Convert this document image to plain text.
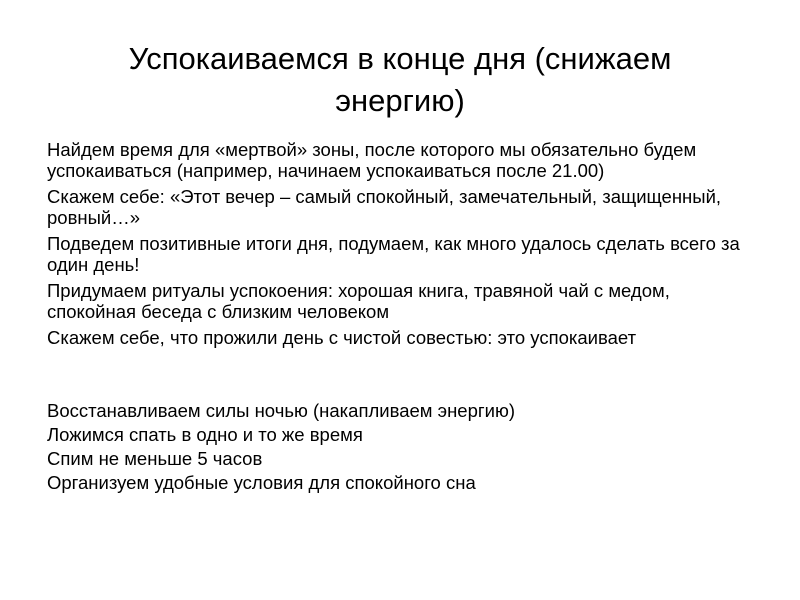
Успокаиваемся в конце дня (снижаем энергию)

Найдем время для «мертвой» зоны, после которого мы обязательно будем успокаиваться (например, начинаем успокаиваться после 21.00)

Скажем себе: «Этот вечер – самый спокойный, замечательный, защищенный, ровный…»

Подведем позитивные итоги дня, подумаем, как много удалось сделать всего за один день!

Придумаем ритуалы успокоения: хорошая книга, травяной чай с медом, спокойная беседа с близким человеком

Скажем себе, что прожили день с чистой совестью: это успокаивает

Восстанавливаем силы ночью (накапливаем энергию)

Ложимся спать в одно и то же время

Спим не меньше 5 часов

Организуем удобные условия для спокойного сна
